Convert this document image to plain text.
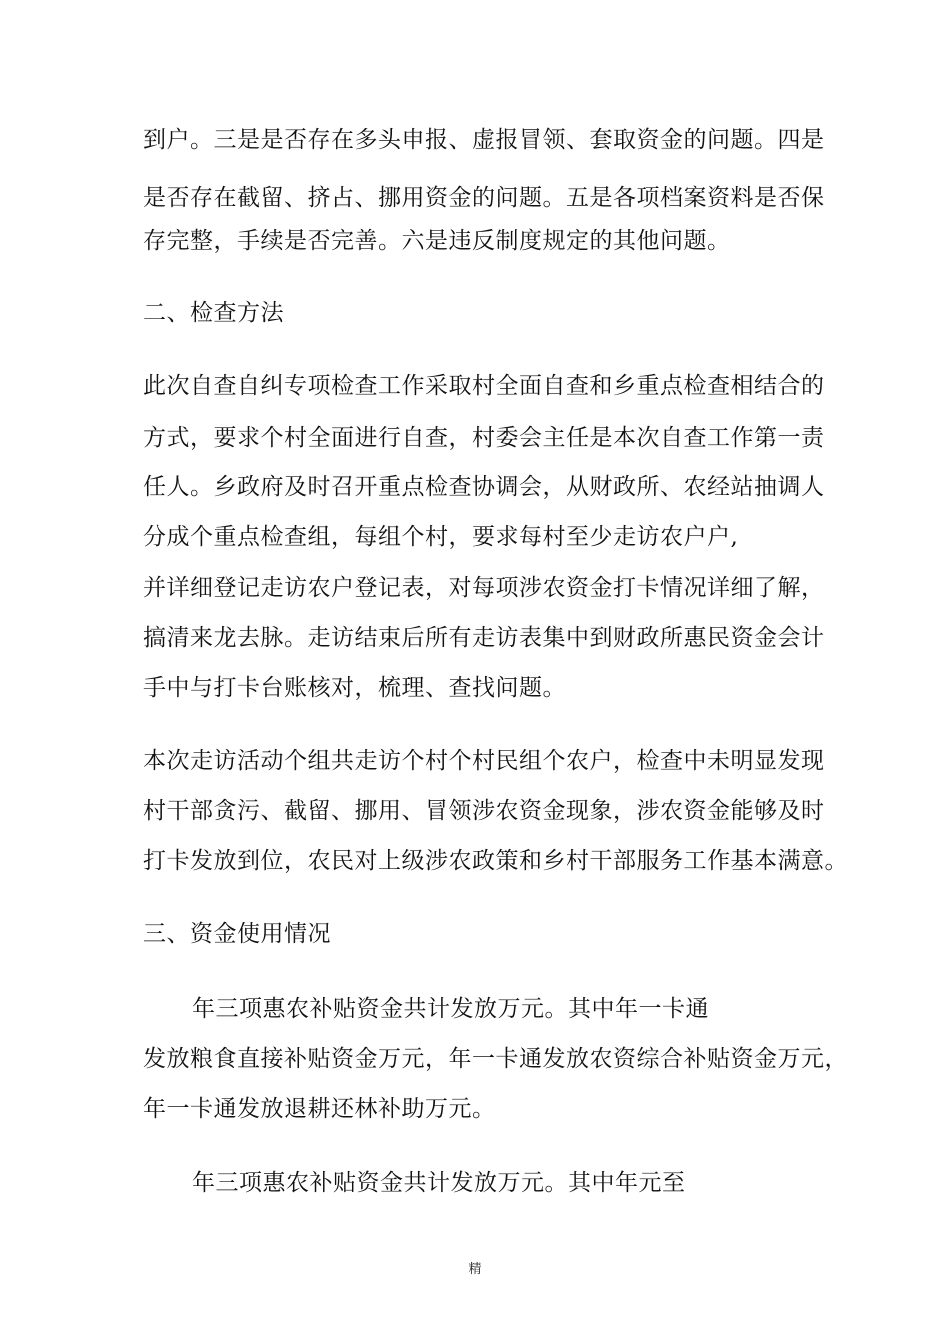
到户。三是是否存在多头申报、虚报冒领、套取资金的问题。四是
是否存在截留、挤占、挪用资金的问题。五是各项档案资料是否保
存完整，手续是否完善。六是违反制度规定的其他问题。
二、检查方法
此次自查自纠专项检查工作采取村全面自查和乡重点检查相结合的
方式，要求个村全面进行自查，村委会主任是本次自查工作第一责
任人。乡政府及时召开重点检查协调会，从财政所、农经站抽调人
分成个重点检查组，每组个村，要求每村至少走访农户户,
并详细登记走访农户登记表，对每项涉农资金打卡情况详细了解，
搞清来龙去脉。走访结束后所有走访表集中到财政所惠民资金会计
手中与打卡台账核对，梳理、查找问题。
本次走访活动个组共走访个村个村民组个农户，检查中未明显发现
村干部贪污、截留、挪用、冒领涉农资金现象，涉农资金能够及时
打卡发放到位，农民对上级涉农政策和乡村干部服务工作基本满意。
三、资金使用情况
年三项惠农补贴资金共计发放万元。其中年一卡通
发放粮食直接补贴资金万元，年一卡通发放农资综合补贴资金万元，
年一卡通发放退耕还林补助万元。
年三项惠农补贴资金共计发放万元。其中年元至
精
